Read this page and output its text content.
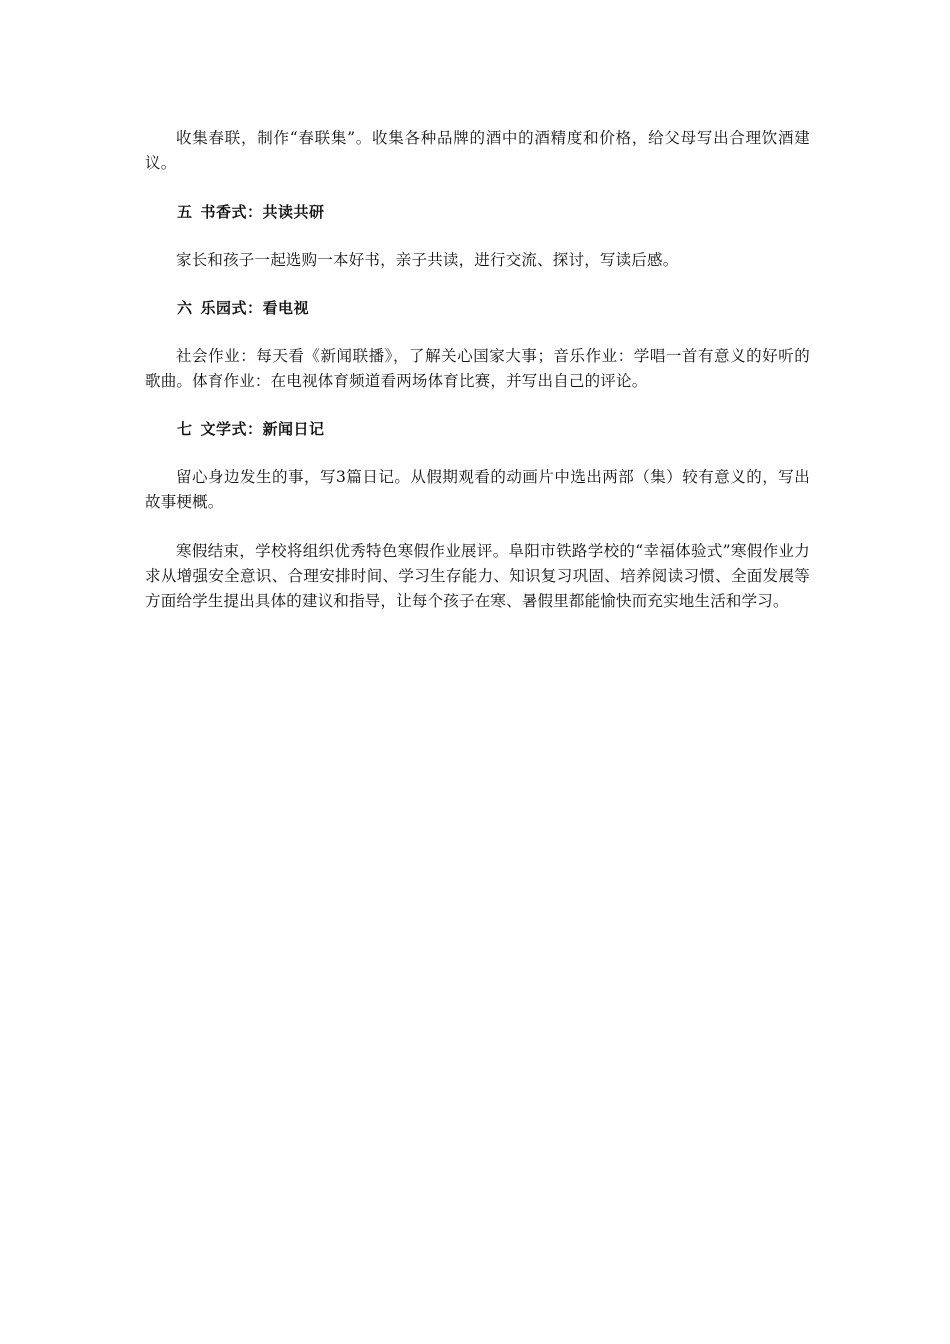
收集春联，制作“春联集”。收集各种品牌的酒中的酒精度和价格，给父母写出合理饮酒建议。

五 书香式：共读共研

家长和孩子一起选购一本好书，亲子共读，进行交流、探讨，写读后感。

六 乐园式：看电视

社会作业：每天看《新闻联播》，了解关心国家大事；音乐作业：学唱一首有意义的好听的歌曲。体育作业：在电视体育频道看两场体育比赛，并写出自己的评论。

七 文学式：新闻日记

留心身边发生的事，写3篇日记。从假期观看的动画片中选出两部（集）较有意义的，写出故事梗概。

寒假结束，学校将组织优秀特色寒假作业展评。阜阳市铁路学校的“幸福体验式”寒假作业力求从增强安全意识、合理安排时间、学习生存能力、知识复习巩固、培养阅读习惯、全面发展等方面给学生提出具体的建议和指导，让每个孩子在寒、暑假里都能愉快而充实地生活和学习。
